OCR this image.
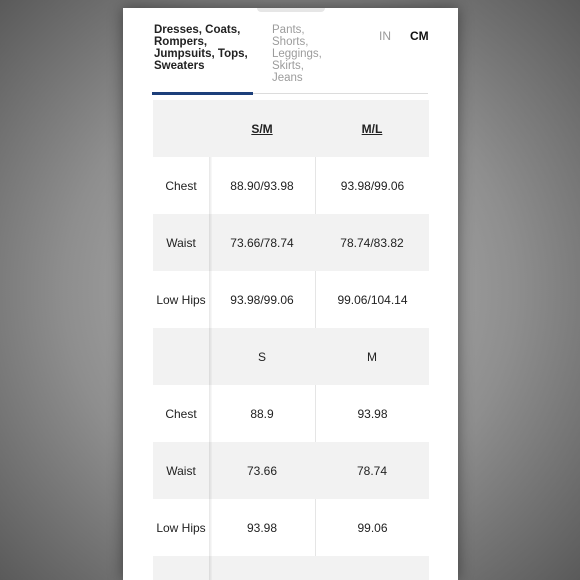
Dresses, Coats,
Rompers,
Jumpsuits, Tops,
Sweaters
Pants,
Shorts,
Leggings,
Skirts,
Jeans
IN CM
S/M	M/L
Chest	88.90/93.98	93.98/99.06
Waist	73.66/78.74	78.74/83.82
Low Hips	93.98/99.06	99.06/104.14
S	M
Chest	88.9	93.98
Waist	73.66	78.74
Low Hips	93.98	99.06
